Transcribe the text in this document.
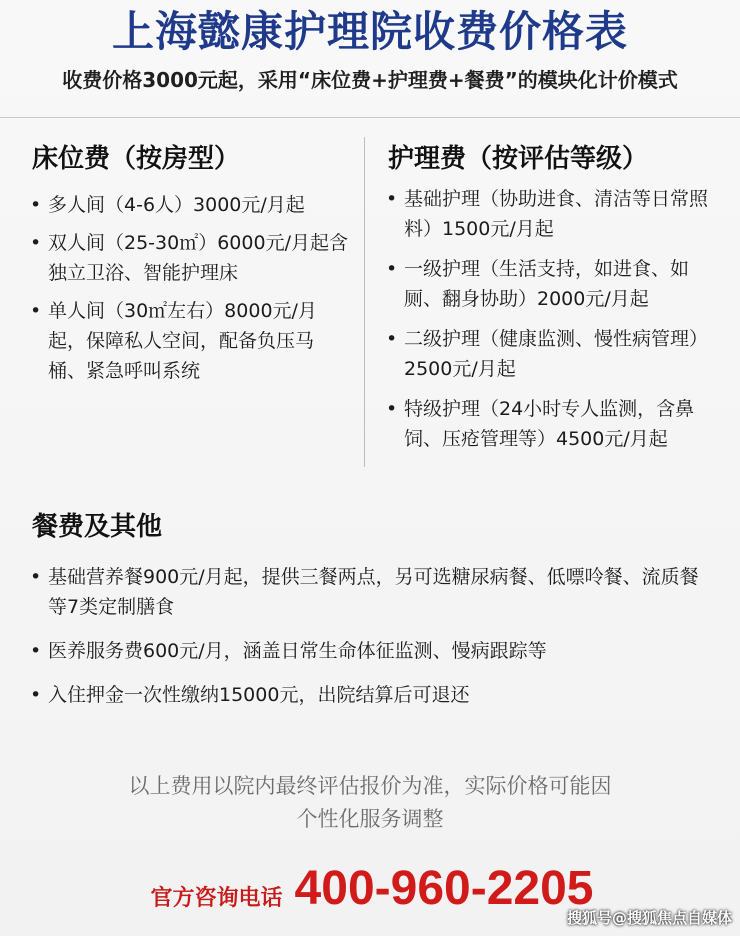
上海懿康护理院收费价格表
收费价格3000元起，采用“床位费+护理费+餐费”的模块化计价模式
床位费（按房型）
• 多人间（4-6人）3000元/月起
• 双人间（25-30㎡）6000元/月起含独立卫浴、智能护理床
• 单人间（30㎡左右）8000元/月起，保障私人空间，配备负压马桶、紧急呼叫系统
护理费（按评估等级）
• 基础护理（协助进食、清洁等日常照料）1500元/月起
• 一级护理（生活支持，如进食、如厕、翻身协助）2000元/月起
• 二级护理（健康监测、慢性病管理）2500元/月起
• 特级护理（24小时专人监测，含鼻饲、压疮管理等）4500元/月起
餐费及其他
• 基础营养餐900元/月起，提供三餐两点，另可选糖尿病餐、低嘌呤餐、流质餐等7类定制膳食
• 医养服务费600元/月，涵盖日常生命体征监测、慢病跟踪等
• 入住押金一次性缴纳15000元，出院结算后可退还
以上费用以院内最终评估报价为准，实际价格可能因个性化服务调整
官方咨询电话 400-960-2205
搜狐号@搜狐焦点自媒体
